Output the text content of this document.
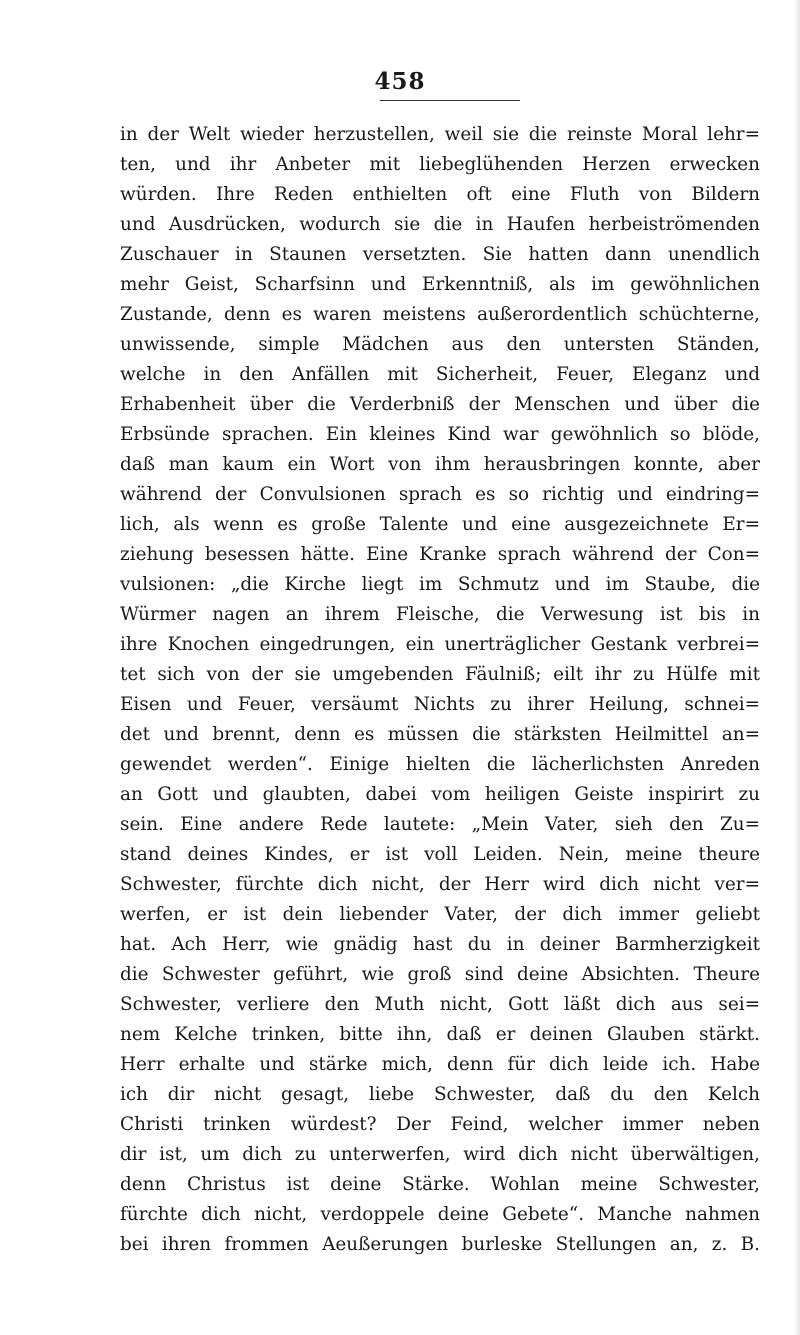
458
in der Welt wieder herzustellen, weil sie die reinste Moral lehr=
ten, und ihr Anbeter mit liebeglühenden Herzen erwecken
würden. Ihre Reden enthielten oft eine Fluth von Bildern
und Ausdrücken, wodurch sie die in Haufen herbeiströmenden
Zuschauer in Staunen versetzten. Sie hatten dann unendlich
mehr Geist, Scharfsinn und Erkenntniß, als im gewöhnlichen
Zustande, denn es waren meistens außerordentlich schüchterne,
unwissende, simple Mädchen aus den untersten Ständen,
welche in den Anfällen mit Sicherheit, Feuer, Eleganz und
Erhabenheit über die Verderbniß der Menschen und über die
Erbsünde sprachen. Ein kleines Kind war gewöhnlich so blöde,
daß man kaum ein Wort von ihm herausbringen konnte, aber
während der Convulsionen sprach es so richtig und eindring=
lich, als wenn es große Talente und eine ausgezeichnete Er=
ziehung besessen hätte. Eine Kranke sprach während der Con=
vulsionen: „die Kirche liegt im Schmutz und im Staube, die
Würmer nagen an ihrem Fleische, die Verwesung ist bis in
ihre Knochen eingedrungen, ein unerträglicher Gestank verbrei=
tet sich von der sie umgebenden Fäulniß; eilt ihr zu Hülfe mit
Eisen und Feuer, versäumt Nichts zu ihrer Heilung, schnei=
det und brennt, denn es müssen die stärksten Heilmittel an=
gewendet werden“. Einige hielten die lächerlichsten Anreden
an Gott und glaubten, dabei vom heiligen Geiste inspirirt zu
sein. Eine andere Rede lautete: „Mein Vater, sieh den Zu=
stand deines Kindes, er ist voll Leiden. Nein, meine theure
Schwester, fürchte dich nicht, der Herr wird dich nicht ver=
werfen, er ist dein liebender Vater, der dich immer geliebt
hat. Ach Herr, wie gnädig hast du in deiner Barmherzigkeit
die Schwester geführt, wie groß sind deine Absichten. Theure
Schwester, verliere den Muth nicht, Gott läßt dich aus sei=
nem Kelche trinken, bitte ihn, daß er deinen Glauben stärkt.
Herr erhalte und stärke mich, denn für dich leide ich. Habe
ich dir nicht gesagt, liebe Schwester, daß du den Kelch
Christi trinken würdest? Der Feind, welcher immer neben
dir ist, um dich zu unterwerfen, wird dich nicht überwältigen,
denn Christus ist deine Stärke. Wohlan meine Schwester,
fürchte dich nicht, verdoppele deine Gebete“. Manche nahmen
bei ihren frommen Aeußerungen burleske Stellungen an, z. B.
